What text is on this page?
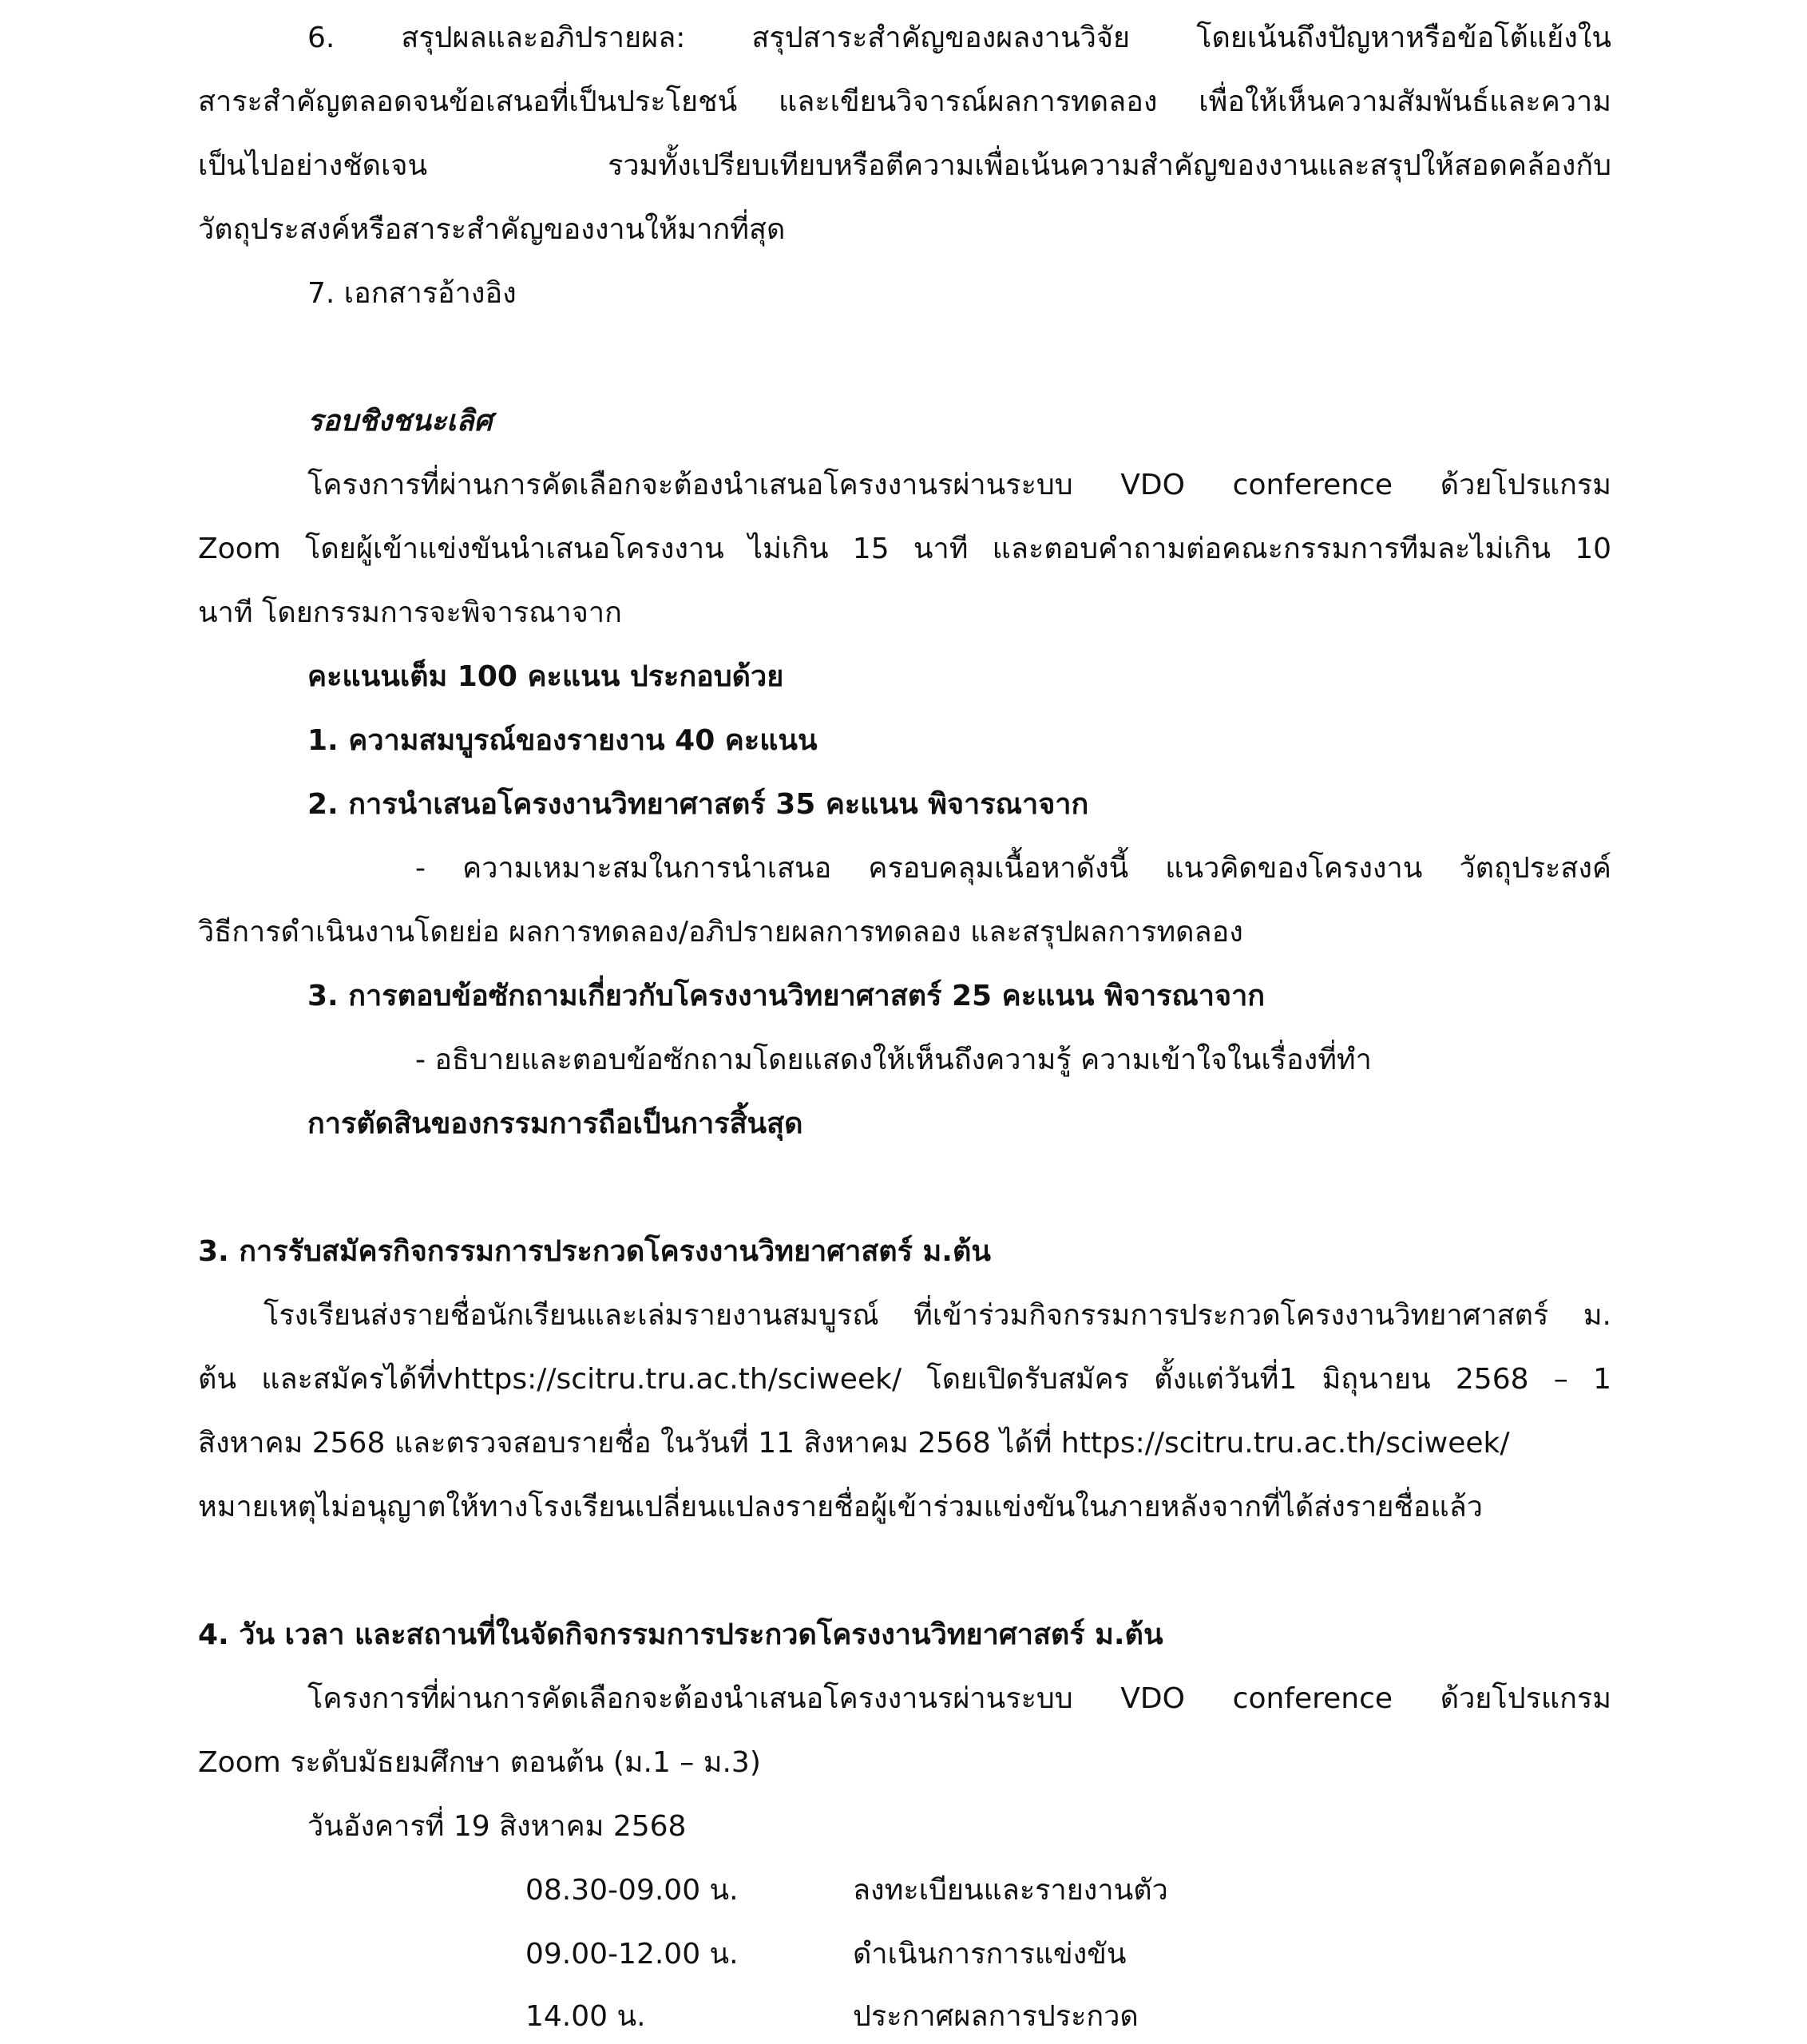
6. สรุปผลและอภิปรายผล: สรุปสาระสำคัญของผลงานวิจัย โดยเน้นถึงปัญหาหรือข้อโต้แย้งใน
สาระสำคัญตลอดจนข้อเสนอที่เป็นประโยชน์ และเขียนวิจารณ์ผลการทดลอง เพื่อให้เห็นความสัมพันธ์และความ
เป็นไปอย่างชัดเจน รวมทั้งเปรียบเทียบหรือตีความเพื่อเน้นความสำคัญของงานและสรุปให้สอดคล้องกับ
วัตถุประสงค์หรือสาระสำคัญของงานให้มากที่สุด
7. เอกสารอ้างอิง
รอบชิงชนะเลิศ
โครงการที่ผ่านการคัดเลือกจะต้องนำเสนอโครงงานรผ่านระบบ VDO conference ด้วยโปรแกรม
Zoom โดยผู้เข้าแข่งขันนำเสนอโครงงาน ไม่เกิน 15 นาที และตอบคำถามต่อคณะกรรมการทีมละไม่เกิน 10
นาที โดยกรรมการจะพิจารณาจาก
คะแนนเต็ม 100 คะแนน ประกอบด้วย
1. ความสมบูรณ์ของรายงาน 40 คะแนน
2. การนำเสนอโครงงานวิทยาศาสตร์ 35 คะแนน พิจารณาจาก
- ความเหมาะสมในการนำเสนอ ครอบคลุมเนื้อหาดังนี้ แนวคิดของโครงงาน วัตถุประสงค์
วิธีการดำเนินงานโดยย่อ ผลการทดลอง/อภิปรายผลการทดลอง และสรุปผลการทดลอง
3. การตอบข้อซักถามเกี่ยวกับโครงงานวิทยาศาสตร์ 25 คะแนน พิจารณาจาก
- อธิบายและตอบข้อซักถามโดยแสดงให้เห็นถึงความรู้ ความเข้าใจในเรื่องที่ทำ
การตัดสินของกรรมการถือเป็นการสิ้นสุด
3. การรับสมัครกิจกรรมการประกวดโครงงานวิทยาศาสตร์ ม.ต้น
โรงเรียนส่งรายชื่อนักเรียนและเล่มรายงานสมบูรณ์ ที่เข้าร่วมกิจกรรมการประกวดโครงงานวิทยาศาสตร์ ม.
ต้น และสมัครได้ที่vhttps://scitru.tru.ac.th/sciweek/ โดยเปิดรับสมัคร ตั้งแต่วันที่1 มิถุนายน 2568 – 1
สิงหาคม 2568 และตรวจสอบรายชื่อ ในวันที่ 11 สิงหาคม 2568 ได้ที่ https://scitru.tru.ac.th/sciweek/
หมายเหตุไม่อนุญาตให้ทางโรงเรียนเปลี่ยนแปลงรายชื่อผู้เข้าร่วมแข่งขันในภายหลังจากที่ได้ส่งรายชื่อแล้ว
4. วัน เวลา และสถานที่ในจัดกิจกรรมการประกวดโครงงานวิทยาศาสตร์ ม.ต้น
โครงการที่ผ่านการคัดเลือกจะต้องนำเสนอโครงงานรผ่านระบบ VDO conference ด้วยโปรแกรม
Zoom ระดับมัธยมศึกษา ตอนต้น (ม.1 – ม.3)
วันอังคารที่ 19 สิงหาคม 2568
08.30-09.00 น.	ลงทะเบียนและรายงานตัว
09.00-12.00 น.	ดำเนินการการแข่งขัน
14.00 น.	ประกาศผลการประกวด
